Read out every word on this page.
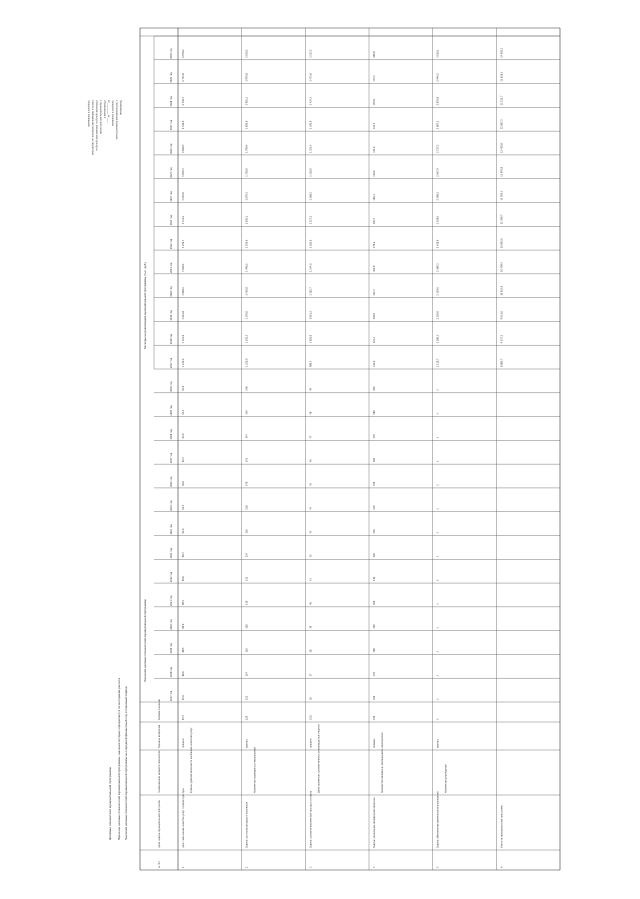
Приложение
к постановлению Администрации
городского поселения
от __________ № ____
«Приложение 1
к муниципальной программе
«Развитие культуры, физической культуры,
спорта и молодежной политики на территории
городского поселения»
Целевые показатели муниципальной программы	Перечень целевых показателей муниципальной программы, значения которых определяются по методикам расчета	Значения целевых показателей муниципальной программы на очередной финансовый год и плановый период
№ п/п
Цели, задачи муниципальной программы
Наименование целевого показателя
Единица измерения
Базовое значение
Значения целевых показателей муниципальной программы
Расходы на реализацию муниципальной программы (тыс. руб.)
2017 год
2018 год
2019 год
2020 год
2021 год
2022 год
2023 год
2024 год
2025 год
2026 год
2027 год
2028 год
2029 год
2030 год
2017 год
2018 год
2019 год
2020 год
2021 год
2022 год
2023 год
2024 год
2025 год
2026 год
2027 год
2028 год
2029 год
2030 год
1
Цель: повышение качества услуг в сфере культуры
Уровень удовлетворенности населения качеством услуг
процент
87,5
87,6
88,0
88,5
89,0
89,5
90,0
90,5
91,0
91,5
92,0
92,5
93,0
93,5
94,0
4 232,6
4 421,0
4 612,8
4 818,2
5 020,1
5 230,7
5 441,2
5 652,0
5 870,3
6 090,5
6 310,0
6 530,4
6 751,8
6 970,2
2
Задача: организация досуга населения
Количество проведенных мероприятий
единиц
120
122
124
126
128
130
132
134
136
138
140
142
144
146
148
1 250,0
1 310,5
1 370,0
1 430,8
1 490,2
1 550,6
1 610,1
1 670,5
1 730,0
1 790,4
1 850,9
1 910,3
1 970,8
2 030,2
3
Задача: развитие физической культуры и спорта
Доля населения, систематически занимающегося спортом
процент
35,0
36
37
38
39
40
41
42
43
44
45
46
47
48
49
980,4
1 020,0
1 061,3
1 102,7
1 144,0
1 185,6
1 227,1
1 268,5
1 310,0
1 351,4
1 392,9
1 434,3
1 475,8
1 517,2
4
Задача: реализация молодежной политики
Количество молодежи, вовлеченной в мероприятия
человек
450
460
470
480
490
500
510
520
530
540
550
560
570
580
590
312,0
325,4
338,9
352,3
365,8
379,2
392,7
406,1
419,6
433,0
446,5
459,9
473,4
486,8
5
Задача: обеспечение деятельности учреждений
Количество учреждений
единиц
3
3
3
3
3
3
3
3
3
3
3
3
3
3
3
2 110,7
2 180,3
2 250,0
2 319,6
2 389,3
2 458,9
2 528,6
2 598,2
2 667,9
2 737,5
2 807,2
2 876,8
2 946,5
3 016,1
6
Итого по муниципальной программе
8 885,7
9 257,2
9 633,0
10 023,6
10 409,4
10 805,0
11 199,7
11 595,3
11 997,8
12 402,8
12 807,5
13 211,7
13 618,3
14 020,5
